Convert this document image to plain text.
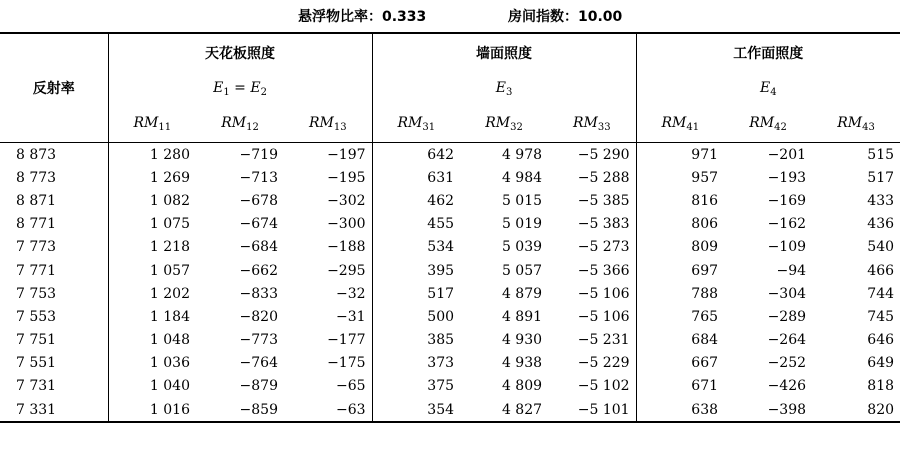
悬浮物比率：0.333	房间指数：10.00
反射率	天花板照度			墙面照度			工作面照度		
	$E_1 = E_2$			$E_3$			$E_4$
	$RM_{11}$	$RM_{12}$	$RM_{13}$	$RM_{31}$	$RM_{32}$	$RM_{33}$	$RM_{41}$	$RM_{42}$	$RM_{43}$
8 873	1 280	−719	−197	642	4 978	−5 290	971	−201	515
8 773	1 269	−713	−195	631	4 984	−5 288	957	−193	517
8 871	1 082	−678	−302	462	5 015	−5 385	816	−169	433
8 771	1 075	−674	−300	455	5 019	−5 383	806	−162	436
7 773	1 218	−684	−188	534	5 039	−5 273	809	−109	540
7 771	1 057	−662	−295	395	5 057	−5 366	697	−94	466
7 753	1 202	−833	−32	517	4 879	−5 106	788	−304	744
7 553	1 184	−820	−31	500	4 891	−5 106	765	−289	745
7 751	1 048	−773	−177	385	4 930	−5 231	684	−264	646
7 551	1 036	−764	−175	373	4 938	−5 229	667	−252	649
7 731	1 040	−879	−65	375	4 809	−5 102	671	−426	818
7 331	1 016	−859	−63	354	4 827	−5 101	638	−398	820
